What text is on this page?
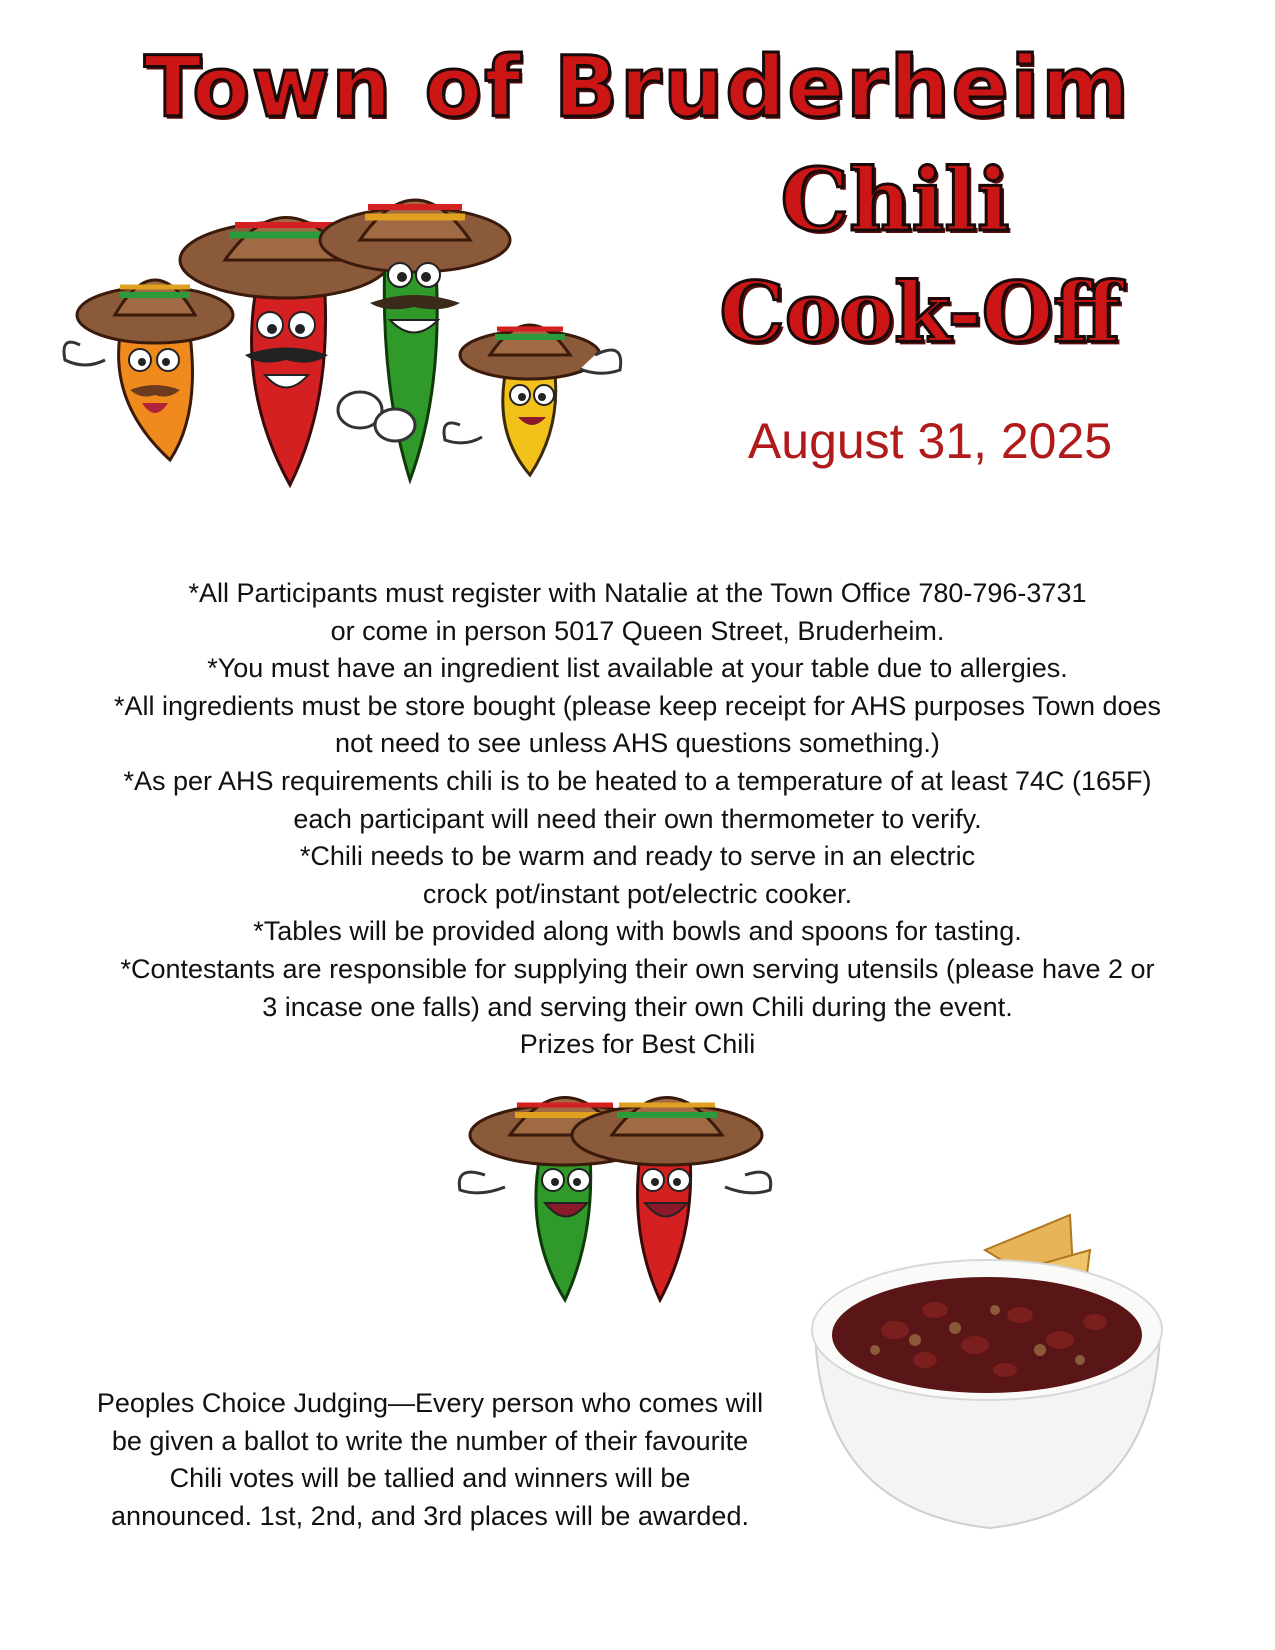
Town of Bruderheim
Chili
Cook-Off
August 31, 2025
*All Participants must register with Natalie at the Town Office 780-796-3731
or come in person 5017 Queen Street, Bruderheim.
*You must have an ingredient list available at your table due to allergies.
*All ingredients must be store bought (please keep receipt for AHS purposes Town does
not need to see unless AHS questions something.)
*As per AHS requirements chili is to be heated to a temperature of at least 74C (165F)
each participant will need their own thermometer to verify.
*Chili needs to be warm and ready to serve in an electric
crock pot/instant pot/electric cooker.
*Tables will be provided along with bowls and spoons for tasting.
*Contestants are responsible for supplying their own serving utensils (please have 2 or
3 incase one falls) and serving their own Chili during the event.
Prizes for Best Chili
Peoples Choice Judging—Every person who comes will
be given a ballot to write the number of their favourite
Chili votes will be tallied and winners will be
announced. 1st, 2nd, and 3rd places will be awarded.
